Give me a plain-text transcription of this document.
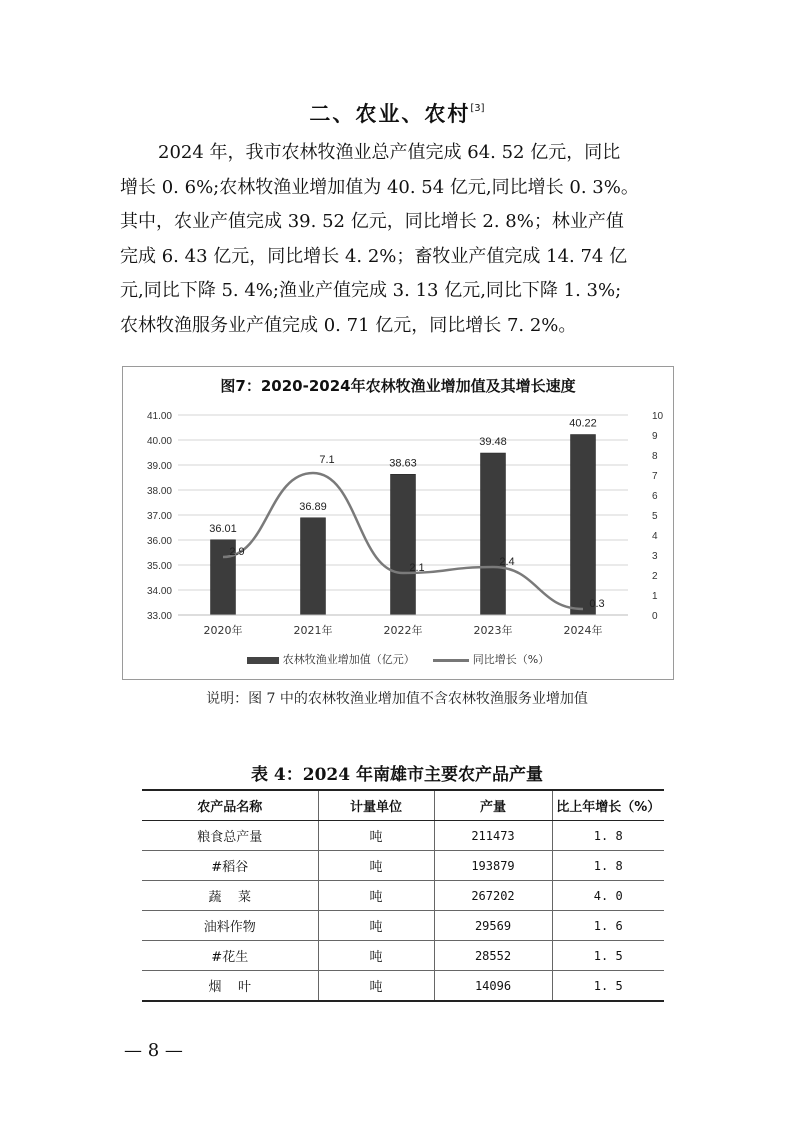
二、农业、农村[3]
2024 年，我市农林牧渔业总产值完成 64. 52 亿元，同比
增长 0. 6%;农林牧渔业增加值为 40. 54 亿元,同比增长 0. 3%。
其中，农业产值完成 39. 52 亿元，同比增长 2. 8%；林业产值
完成 6. 43 亿元，同比增长 4. 2%；畜牧业产值完成 14. 74 亿
元,同比下降 5. 4%;渔业产值完成 3. 13 亿元,同比下降 1. 3%;
农林牧渔服务业产值完成 0. 71 亿元，同比增长 7. 2%。
图7：2020-2024年农林牧渔业增加值及其增长速度
33.00
34.00
35.00
36.00
37.00
38.00
39.00
40.00
41.00
0
1
2
3
4
5
6
7
8
9
10
36.01
36.89
38.63
39.48
40.22
2.9
7.1
2.1	2.4
0.3
2020年	2021年	2022年	2023年	2024年
农林牧渔业增加值（亿元）	同比增长（%）
说明：图 7 中的农林牧渔业增加值不含农林牧渔服务业增加值
表 4：2024 年南雄市主要农产品产量
农产品名称	计量单位	产量	比上年增长（%）
粮食总产量	吨	211473	1. 8
#稻谷	吨	193879	1. 8
蔬    菜	吨	267202	4. 0
油料作物	吨	29569	1. 6
#花生	吨	28552	1. 5
烟    叶	吨	14096	1. 5
— 8 —
